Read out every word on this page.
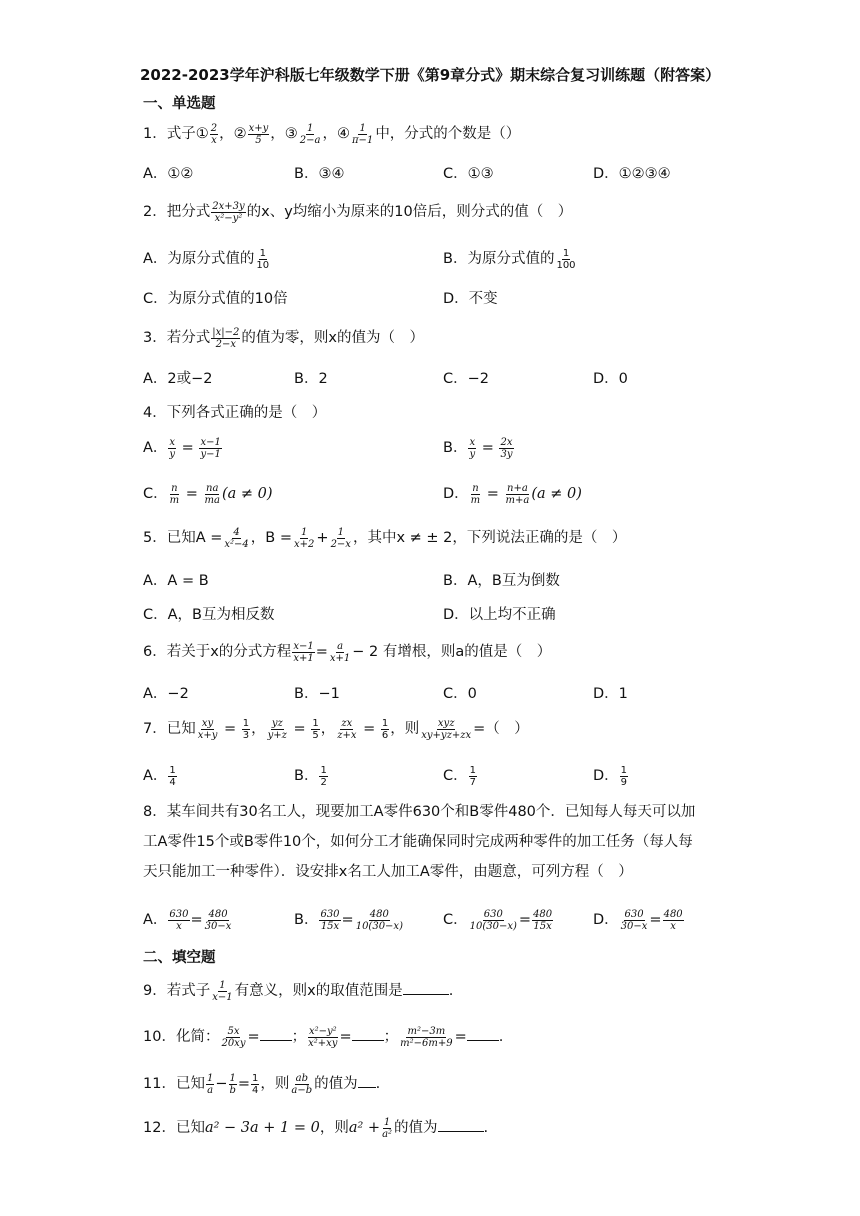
2022-2023学年沪科版七年级数学下册《第9章分式》期末综合复习训练题（附答案）
一、单选题
1．式子① $\frac{2}{x}$ ，② $\frac{x+y}{5}$ ，③ $\frac{1}{2-a}$ ，④ $\frac{1}{\pi-1}$ 中，分式的个数是（）
A．①②	B．③④	C．①③	D．①②③④
2．把分式 $\frac{2x+3y}{\text{x²−y²}}$ 的x、y均缩小为原来的10倍后，则分式的值（　）
A．为原分式值的 $\frac{1}{10}$	B．为原分式值的 $\frac{1}{100}$
C．为原分式值的10倍	D．不变
3．若分式 $\frac{|x|-2}{2-x}$ 的值为零，则x的值为（　）
A．2或−2	B．2	C．−2	D．0
4．下列各式正确的是（　）
A． $\frac{x}{y} = \frac{x-1}{y-1}$	B． $\frac{x}{y} = \frac{2x}{3y}$
C． $\frac{n}{m} = \frac{na}{ma} (a \ne 0)$	D． $\frac{n}{m} = \frac{n+a}{m+a} (a \ne 0)$
5．已知$A = \frac{4}{\text{x²−4}}$ ，$B = \frac{1}{x+2} + \frac{1}{2-x}$ ，其中x ≠ ± 2，下列说法正确的是（　）
A．A = B	B．A，B互为倒数
C．A，B互为相反数	D．以上均不正确
6．若关于x的分式方程 $\frac{x-1}{x+1} = \frac{a}{x+1} - 2$ 有增根，则a的值是（　）
A．−2	B．−1	C．0	D．1
7．已知 $\frac{xy}{x+y} = \frac{1}{3}$ ， $\frac{yz}{y+z} = \frac{1}{5}$ ， $\frac{zx}{z+x} = \frac{1}{6}$ ，则 $\frac{\text{xyz}}{xy+yz+zx}$ =（　）
A． $\frac{1}{4}$	B． $\frac{1}{2}$	C． $\frac{1}{7}$	D． $\frac{1}{9}$
8．某车间共有30名工人，现要加工A零件630个和B零件480个．已知每人每天可以加工A零件15个或B零件10个，如何分工才能确保同时完成两种零件的加工任务（每人每天只能加工一种零件）．设安排x名工人加工A零件，由题意，可列方程（　）
A． $\frac{630}{x} = \frac{480}{30-x}$	B． $\frac{630}{15x} = \frac{480}{10(30-x)}$	C． $\frac{630}{10(30-x)} = \frac{480}{15x}$	D． $\frac{630}{30-x} = \frac{480}{x}$
二、填空题
9．若式子 $\frac{1}{x-1}$ 有意义，则x的取值范围是	.
10．化简： $\frac{5x}{20xy}$ = ； $\frac{\text{x²−y²}}{\text{x²+xy}}$ = ； $\frac{\text{m²−3m}}{\text{m²−6m+9}}$ = .
11．已知 $\frac{1}{a} - \frac{1}{b} = \frac{1}{4}$ ，则 $\frac{ab}{a-b}$ 的值为 .
12．已知a² − 3a + 1 = 0，则$a^2 + \frac{1}{\text{a²}}$ 的值为	.
